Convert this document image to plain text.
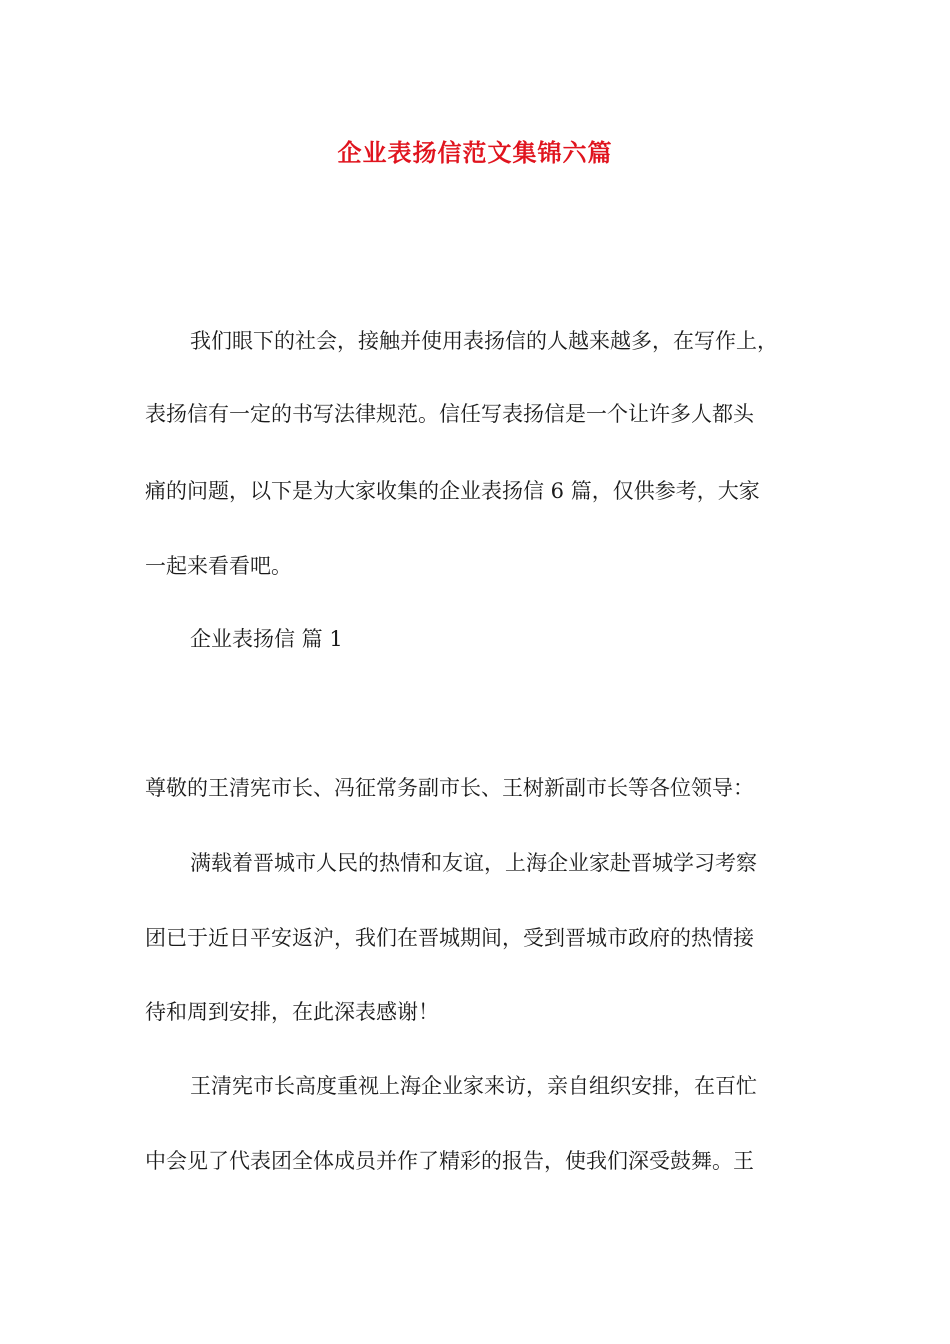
企业表扬信范文集锦六篇

我们眼下的社会，接触并使用表扬信的人越来越多，在写作上，

表扬信有一定的书写法律规范。信任写表扬信是一个让许多人都头

痛的问题，以下是为大家收集的企业表扬信 6 篇，仅供参考，大家

一起来看看吧。

企业表扬信 篇 1

尊敬的王清宪市长、冯征常务副市长、王树新副市长等各位领导：

满载着晋城市人民的热情和友谊，上海企业家赴晋城学习考察

团已于近日平安返沪，我们在晋城期间，受到晋城市政府的热情接

待和周到安排，在此深表感谢！

王清宪市长高度重视上海企业家来访，亲自组织安排，在百忙

中会见了代表团全体成员并作了精彩的报告，使我们深受鼓舞。王
